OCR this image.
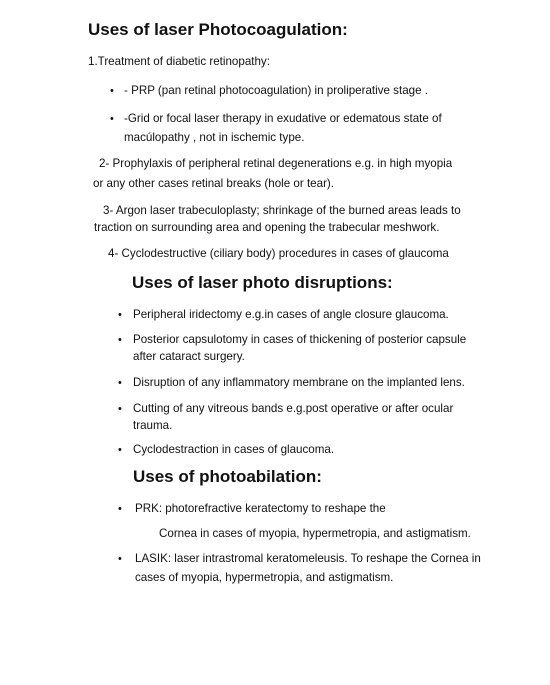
Uses of laser Photocoagulation:
1.Treatment of diabetic retinopathy:
• - PRP (pan retinal photocoagulation) in proliperative stage .
• -Grid or focal laser therapy in exudative or edematous state of
macúlopathy , not in ischemic type.
2- Prophylaxis of peripheral retinal degenerations e.g. in high myopia
or any other cases retinal breaks (hole or tear).
3- Argon laser trabeculoplasty; shrinkage of the burned areas leads to
traction on surrounding area and opening the trabecular meshwork.
4- Cyclodestructive (ciliary body) procedures in cases of glaucoma
Uses of laser photo disruptions:
• Peripheral iridectomy e.g.in cases of angle closure glaucoma.
• Posterior capsulotomy in cases of thickening of posterior capsule
after cataract surgery.
• Disruption of any inflammatory membrane on the implanted lens.
• Cutting of any vitreous bands e.g.post operative or after ocular
trauma.
• Cyclodestraction in cases of glaucoma.
Uses of photoabilation:
• PRK: photorefractive keratectomy to reshape the
Cornea in cases of myopia, hypermetropia, and astigmatism.
• LASIK: laser intrastromal keratomeleusis. To reshape the Cornea in
cases of myopia, hypermetropia, and astigmatism.
